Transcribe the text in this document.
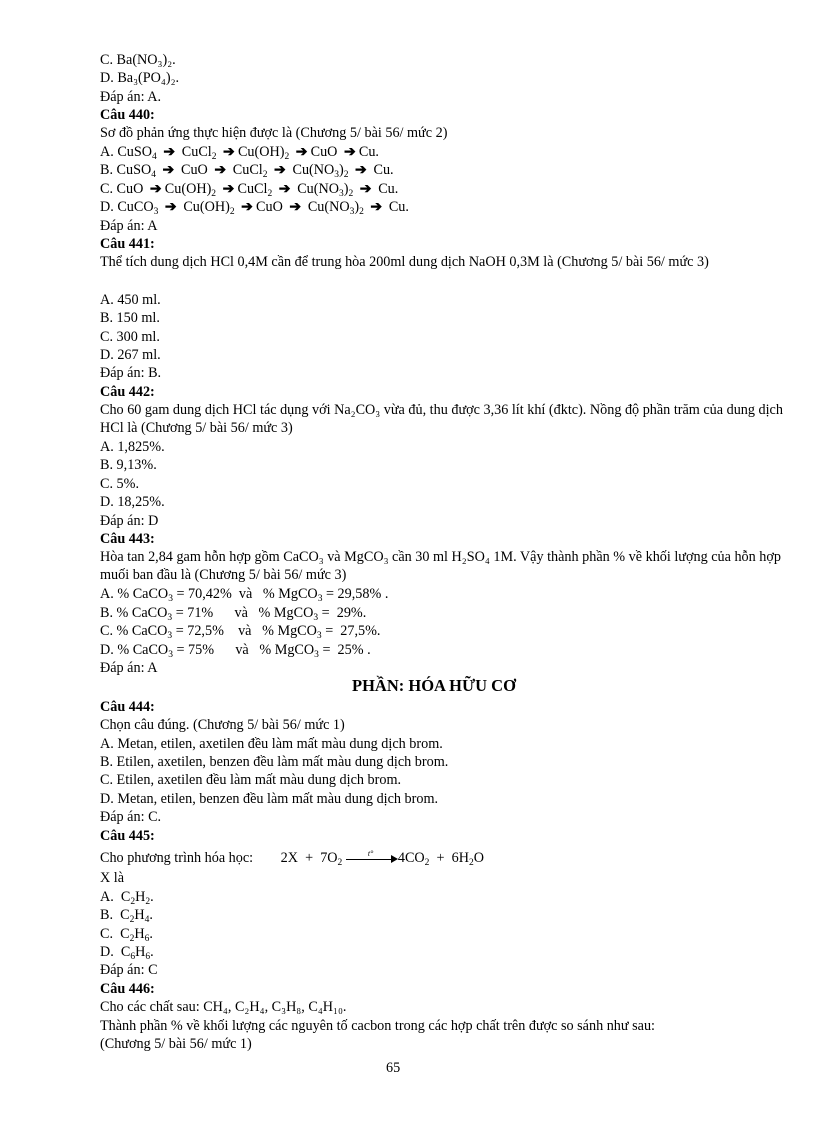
C. Ba(NO₃)₂.
D. Ba₃(PO₄)₂.
Đáp án: A.
Câu 440:
Sơ đồ phản ứng thực hiện được là (Chương 5/ bài 56/ mức 2)
A. CuSO$_4$ ➔ CuCl$_2$ ➔ $Cu(OH)_2$ ➔ CuO ➔ Cu.
B. CuSO$_4$ ➔ CuO ➔ CuCl$_2$ ➔ $Cu(NO_3)_2$ ➔ Cu.
C. CuO ➔ $Cu(OH)_2$ ➔ CuCl$_2$ ➔ $Cu(NO_3)_2$ ➔ Cu.
D. CuCO$_3$ ➔ $Cu(OH)_2$ ➔ CuO ➔ $Cu(NO_3)_2$ ➔ Cu.
Đáp án: A
Câu 441:
Thể tích dung dịch HCl 0,4M cần để trung hòa 200ml dung dịch NaOH 0,3M là (Chương 5/ bài 56/ mức 3)
A. 450 ml.
B. 150 ml.
C. 300 ml.
D. 267 ml.
Đáp án: B.
Câu 442:
Cho 60 gam dung dịch HCl tác dụng với Na₂CO₃ vừa đủ, thu được 3,36 lít khí (đktc). Nồng độ phần trăm của dung dịch HCl là (Chương 5/ bài 56/ mức 3)
A. 1,825%.
B. 9,13%.
C. 5%.
D. 18,25%.
Đáp án: D
Câu 443:
Hòa tan 2,84 gam hỗn hợp gồm CaCO₃ và MgCO₃ cần 30 ml H₂SO₄ 1M. Vậy thành phần % về khối lượng của hỗn hợp muối ban đầu là (Chương 5/ bài 56/ mức 3)
A. % CaCO$_3$ = 70,42%  và   % MgCO$_3$ = 29,58% .
B. % CaCO$_3$ = 71%      và   % MgCO$_3$ =  29%.
C. % CaCO$_3$ = 72,5%    và   % MgCO$_3$ =  27,5%.
D. % CaCO$_3$ = 75%      và   % MgCO$_3$ =  25% .
Đáp án: A
PHẦN: HÓA HỮU CƠ
Câu 444:
Chọn câu đúng. (Chương 5/ bài 56/ mức 1)
A. Metan, etilen, axetilen đều làm mất màu dung dịch brom.
B. Etilen, axetilen, benzen đều làm mất màu dung dịch brom.
C. Etilen, axetilen đều làm mất màu dung dịch brom.
D. Metan, etilen, benzen đều làm mất màu dung dịch brom.
Đáp án: C.
Câu 445:
Cho phương trình hóa học: $2X + 7O_2$
t° $4CO_2 + 6H_2O$
X là
A.  $C_2H_2$.
B.  $C_2H_4$.
C.  $C_2H_6$.
D.  $C_6H_6$.
Đáp án: C
Câu 446:
Cho các chất sau: CH₄, C₂H₄, C₃H₈, C₄H₁₀.
Thành phần % về khối lượng các nguyên tố cacbon trong các hợp chất trên được so sánh như sau:
(Chương 5/ bài 56/ mức 1)
65
